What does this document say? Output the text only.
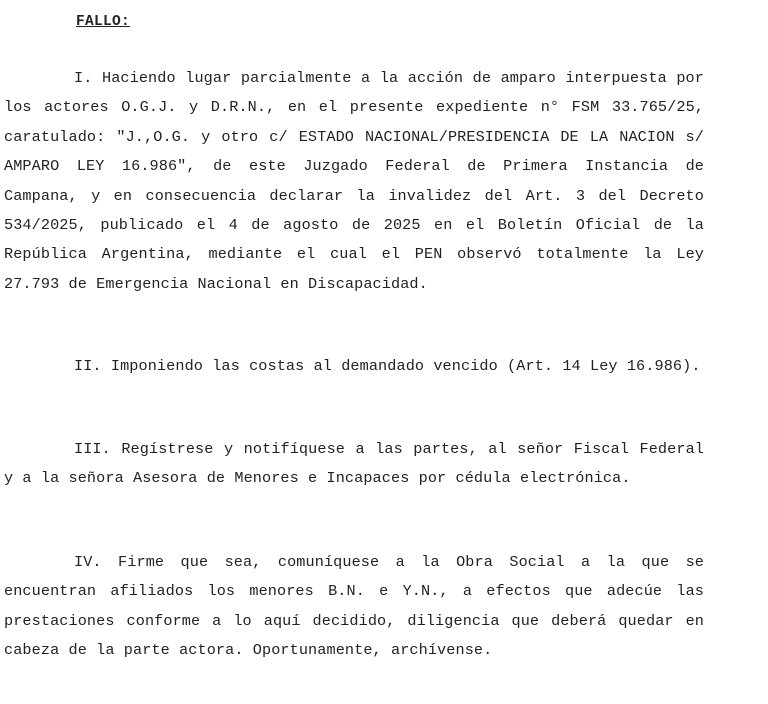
FALLO:

I. Haciendo lugar parcialmente a la acción de amparo interpuesta por los actores O.G.J. y D.R.N., en el presente expediente n° FSM 33.765/25, caratulado: "J.,O.G. y otro c/ ESTADO NACIONAL/PRESIDENCIA DE LA NACION s/ AMPARO LEY 16.986", de este Juzgado Federal de Primera Instancia de Campana, y en consecuencia declarar la invalidez del Art. 3 del Decreto 534/2025, publicado el 4 de agosto de 2025 en el Boletín Oficial de la República Argentina, mediante el cual el PEN observó totalmente la Ley 27.793 de Emergencia Nacional en Discapacidad.

II. Imponiendo las costas al demandado vencido (Art. 14 Ley 16.986).

III. Regístrese y notifíquese a las partes, al señor Fiscal Federal y a la señora Asesora de Menores e Incapaces por cédula electrónica.

IV. Firme que sea, comuníquese a la Obra Social a la que se encuentran afiliados los menores B.N. e Y.N., a efectos que adecúe las prestaciones conforme a lo aquí decidido, diligencia que deberá quedar en cabeza de la parte actora. Oportunamente, archívense.
